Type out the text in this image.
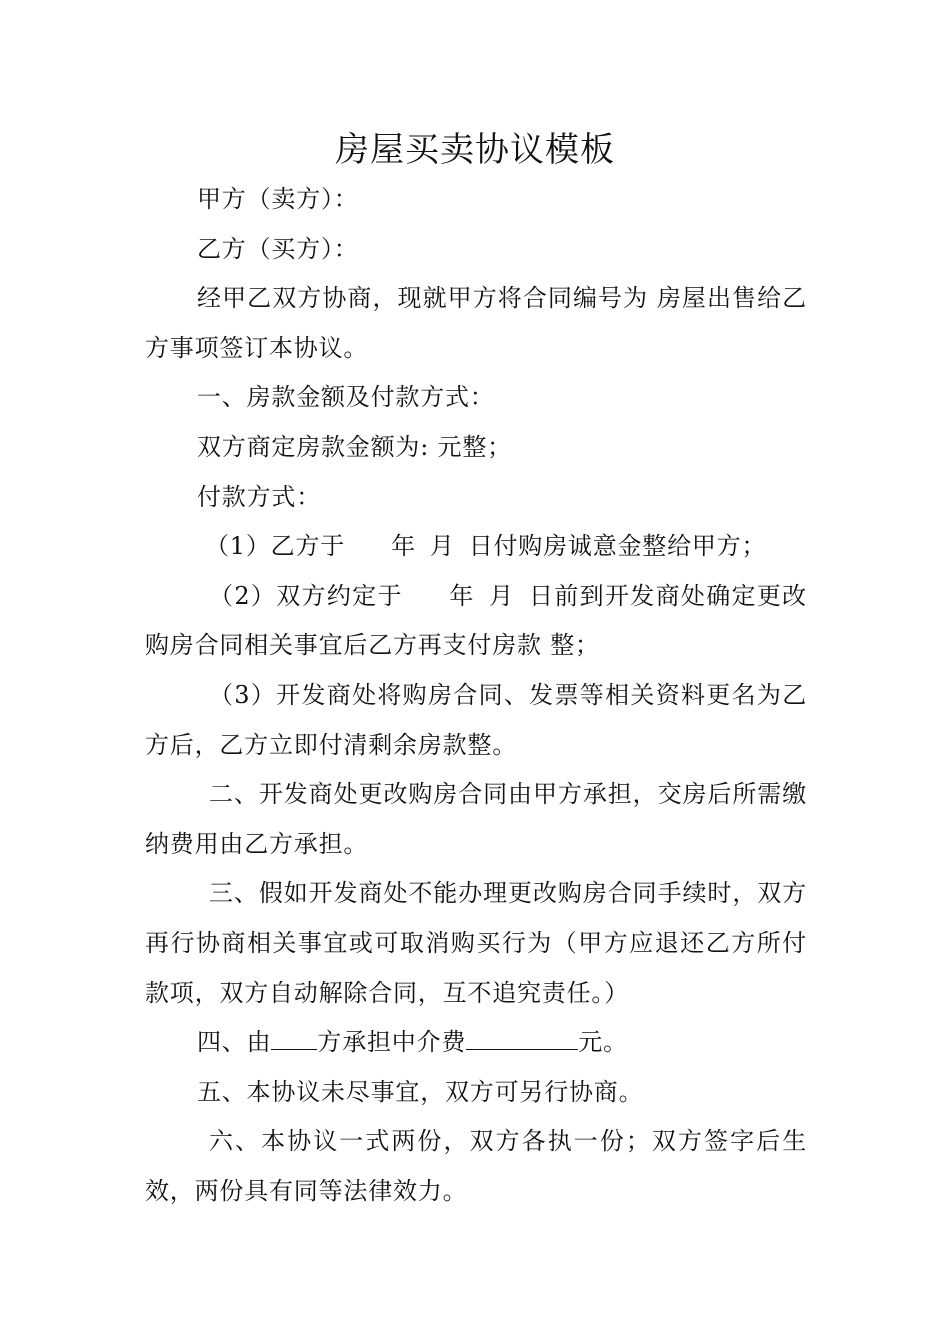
房屋买卖协议模板

甲方（卖方）：

乙方（买方）：

经甲乙双方协商，现就甲方将合同编号为 房屋出售给乙方事项签订本协议。

一、房款金额及付款方式：

双方商定房款金额为: 元整；

付款方式：

（1）乙方于 年 月 日付购房诚意金整给甲方；

（2）双方约定于 年 月 日前到开发商处确定更改购房合同相关事宜后乙方再支付房款 整；

（3）开发商处将购房合同、发票等相关资料更名为乙方后，乙方立即付清剩余房款整。

二、开发商处更改购房合同由甲方承担，交房后所需缴纳费用由乙方承担。

三、假如开发商处不能办理更改购房合同手续时，双方再行协商相关事宜或可取消购买行为（甲方应退还乙方所付款项，双方自动解除合同，互不追究责任。）

四、由 方承担中介费	元。

五、本协议未尽事宜，双方可另行协商。

六、本协议一式两份，双方各执一份；双方签字后生效，两份具有同等法律效力。
